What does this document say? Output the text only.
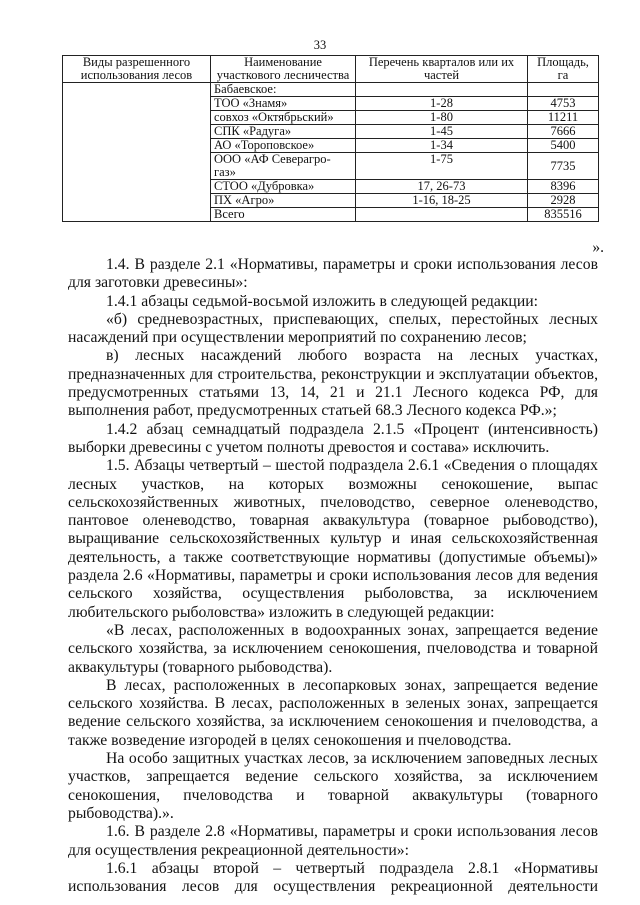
33
Виды разрешенного использования лесов	Наименование участкового лесничества	Перечень кварталов или их частей	Площадь, га
	Бабаевское:		
	ТОО «Знамя»	1-28	4753
	совхоз «Октябрьский»	1-80	11211
	СПК «Радуга»	1-45	7666
	АО «Тороповское»	1-34	5400
	ООО «АФ Северагро-газ»	1-75	7735
	СТОО «Дубровка»	17, 26-73	8396
	ПХ «Агро»	1-16, 18-25	2928
	Всего		835516
».

1.4. В разделе 2.1 «Нормативы, параметры и сроки использования лесов для заготовки древесины»:

1.4.1 абзацы седьмой-восьмой изложить в следующей редакции:

«б) средневозрастных, приспевающих, спелых, перестойных лесных насаждений при осуществлении мероприятий по сохранению лесов;

в) лесных насаждений любого возраста на лесных участках, предназначенных для строительства, реконструкции и эксплуатации объектов, предусмотренных статьями 13, 14, 21 и 21.1 Лесного кодекса РФ, для выполнения работ, предусмотренных статьей 68.3 Лесного кодекса РФ.»;

1.4.2 абзац семнадцатый подраздела 2.1.5 «Процент (интенсивность) выборки древесины с учетом полноты древостоя и состава» исключить.

1.5. Абзацы четвертый – шестой подраздела 2.6.1 «Сведения о площадях лесных участков, на которых возможны сенокошение, выпас сельскохозяйственных животных, пчеловодство, северное оленеводство, пантовое оленеводство, товарная аквакультура (товарное рыбоводство), выращивание сельскохозяйственных культур и иная сельскохозяйственная деятельность, а также соответствующие нормативы (допустимые объемы)» раздела 2.6 «Нормативы, параметры и сроки использования лесов для ведения сельского хозяйства, осуществления рыболовства, за исключением любительского рыболовства» изложить в следующей редакции:

«В лесах, расположенных в водоохранных зонах, запрещается ведение сельского хозяйства, за исключением сенокошения, пчеловодства и товарной аквакультуры (товарного рыбоводства).

В лесах, расположенных в лесопарковых зонах, запрещается ведение сельского хозяйства. В лесах, расположенных в зеленых зонах, запрещается ведение сельского хозяйства, за исключением сенокошения и пчеловодства, а также возведение изгородей в целях сенокошения и пчеловодства.

На особо защитных участках лесов, за исключением заповедных лесных участков, запрещается ведение сельского хозяйства, за исключением сенокошения, пчеловодства и товарной аквакультуры (товарного рыбоводства).».

1.6. В разделе 2.8 «Нормативы, параметры и сроки использования лесов для осуществления рекреационной деятельности»:

1.6.1 абзацы второй – четвертый подраздела 2.8.1 «Нормативы использования лесов для осуществления рекреационной деятельности
